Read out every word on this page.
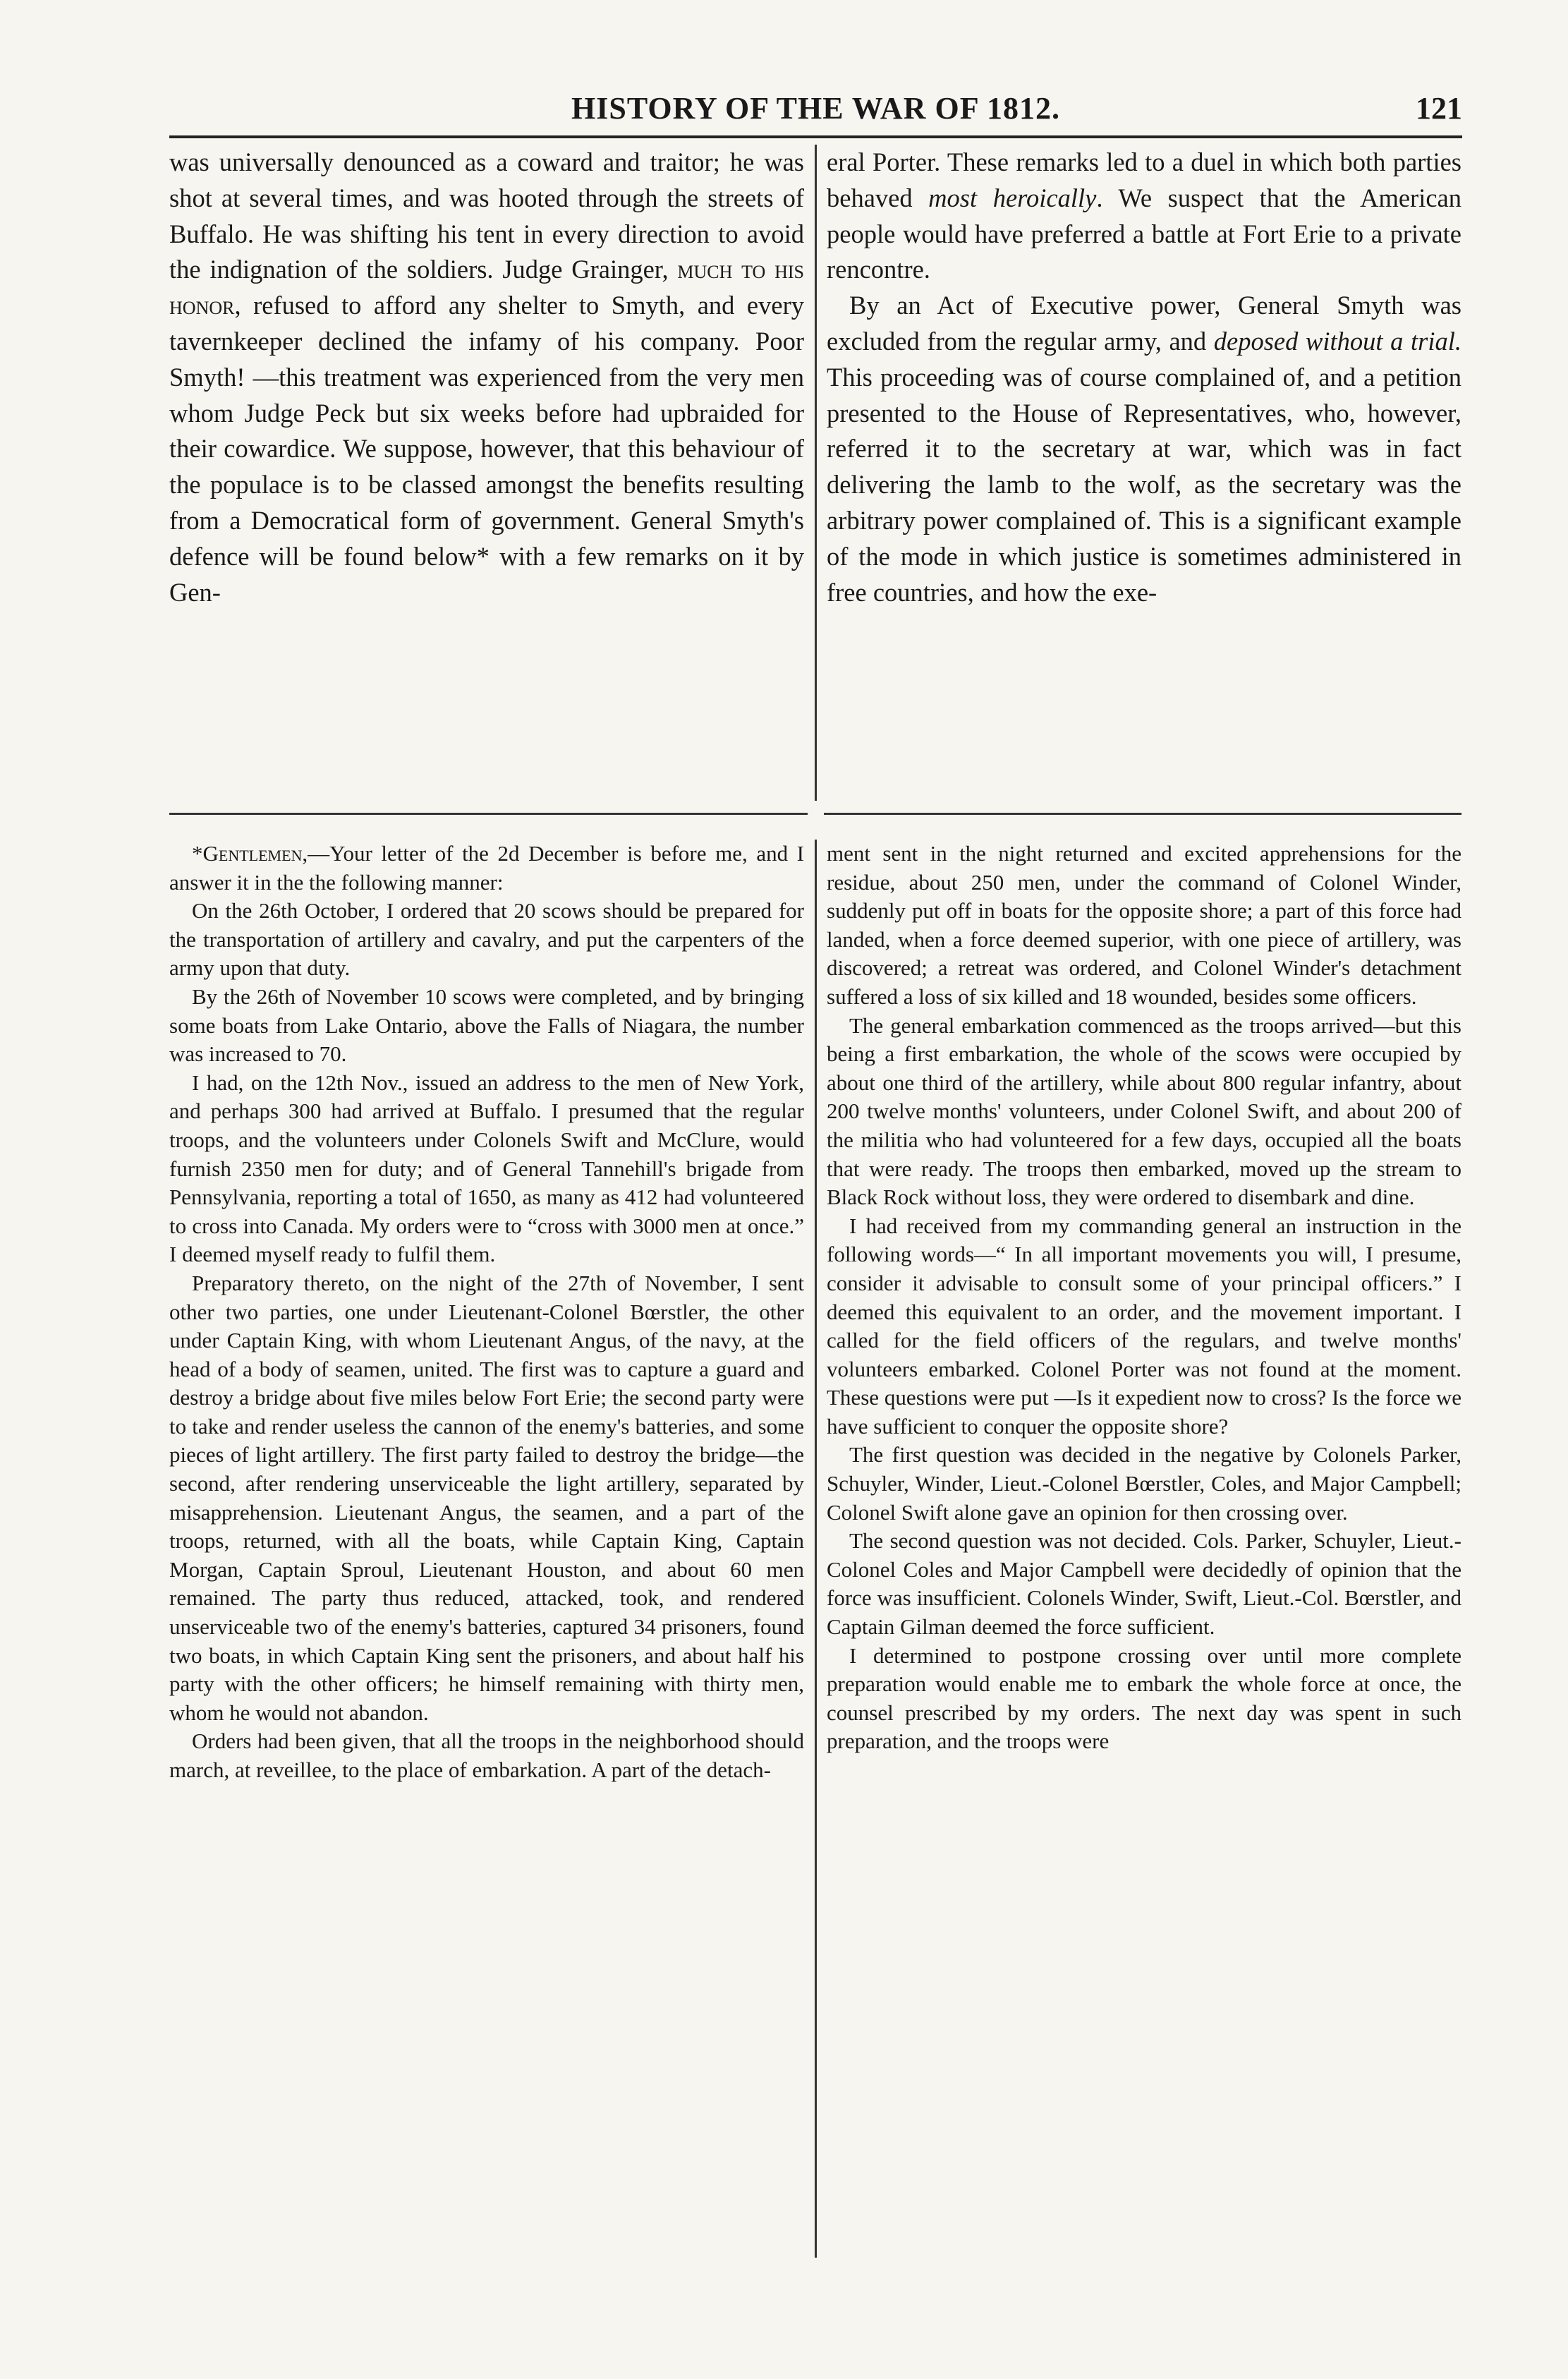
HISTORY OF THE WAR OF 1812.	121

was universally denounced as a coward and traitor; he was shot at several times, and was hooted through the streets of Buffalo. He was shifting his tent in every direction to avoid the indignation of the soldiers. Judge Grainger, much to his honor, refused to afford any shelter to Smyth, and every tavernkeeper declined the infamy of his company. Poor Smyth! —this treatment was experienced from the very men whom Judge Peck but six weeks before had upbraided for their cowardice. We suppose, however, that this behaviour of the populace is to be classed amongst the benefits resulting from a Democratical form of government. General Smyth's defence will be found below* with a few remarks on it by Gen-

eral Porter. These remarks led to a duel in which both parties behaved most heroically. We suspect that the American people would have preferred a battle at Fort Erie to a private rencontre.

By an Act of Executive power, General Smyth was excluded from the regular army, and deposed without a trial. This proceeding was of course complained of, and a petition presented to the House of Representatives, who, however, referred it to the secretary at war, which was in fact delivering the lamb to the wolf, as the secretary was the arbitrary power complained of. This is a significant example of the mode in which justice is sometimes administered in free countries, and how the exe-

*Gentlemen,—Your letter of the 2d December is before me, and I answer it in the the following manner:

On the 26th October, I ordered that 20 scows should be prepared for the transportation of artillery and cavalry, and put the carpenters of the army upon that duty.

By the 26th of November 10 scows were completed, and by bringing some boats from Lake Ontario, above the Falls of Niagara, the number was increased to 70.

I had, on the 12th Nov., issued an address to the men of New York, and perhaps 300 had arrived at Buffalo. I presumed that the regular troops, and the volunteers under Colonels Swift and McClure, would furnish 2350 men for duty; and of General Tannehill's brigade from Pennsylvania, reporting a total of 1650, as many as 412 had volunteered to cross into Canada. My orders were to “cross with 3000 men at once.” I deemed myself ready to fulfil them.

Preparatory thereto, on the night of the 27th of November, I sent other two parties, one under Lieutenant-Colonel Bœrstler, the other under Captain King, with whom Lieutenant Angus, of the navy, at the head of a body of seamen, united. The first was to capture a guard and destroy a bridge about five miles below Fort Erie; the second party were to take and render useless the cannon of the enemy's batteries, and some pieces of light artillery. The first party failed to destroy the bridge—the second, after rendering unserviceable the light artillery, separated by misapprehension. Lieutenant Angus, the seamen, and a part of the troops, returned, with all the boats, while Captain King, Captain Morgan, Captain Sproul, Lieutenant Houston, and about 60 men remained. The party thus reduced, attacked, took, and rendered unserviceable two of the enemy's batteries, captured 34 prisoners, found two boats, in which Captain King sent the prisoners, and about half his party with the other officers; he himself remaining with thirty men, whom he would not abandon.

Orders had been given, that all the troops in the neighborhood should march, at reveillee, to the place of embarkation. A part of the detach-

ment sent in the night returned and excited apprehensions for the residue, about 250 men, under the command of Colonel Winder, suddenly put off in boats for the opposite shore; a part of this force had landed, when a force deemed superior, with one piece of artillery, was discovered; a retreat was ordered, and Colonel Winder's detachment suffered a loss of six killed and 18 wounded, besides some officers.

The general embarkation commenced as the troops arrived—but this being a first embarkation, the whole of the scows were occupied by about one third of the artillery, while about 800 regular infantry, about 200 twelve months' volunteers, under Colonel Swift, and about 200 of the militia who had volunteered for a few days, occupied all the boats that were ready. The troops then embarked, moved up the stream to Black Rock without loss, they were ordered to disembark and dine.

I had received from my commanding general an instruction in the following words—“ In all important movements you will, I presume, consider it advisable to consult some of your principal officers.” I deemed this equivalent to an order, and the movement important. I called for the field officers of the regulars, and twelve months' volunteers embarked. Colonel Porter was not found at the moment. These questions were put —Is it expedient now to cross? Is the force we have sufficient to conquer the opposite shore?

The first question was decided in the negative by Colonels Parker, Schuyler, Winder, Lieut.-Colonel Bœrstler, Coles, and Major Campbell; Colonel Swift alone gave an opinion for then crossing over.

The second question was not decided. Cols. Parker, Schuyler, Lieut.-Colonel Coles and Major Campbell were decidedly of opinion that the force was insufficient. Colonels Winder, Swift, Lieut.-Col. Bœrstler, and Captain Gilman deemed the force sufficient.

I determined to postpone crossing over until more complete preparation would enable me to embark the whole force at once, the counsel prescribed by my orders. The next day was spent in such preparation, and the troops were
